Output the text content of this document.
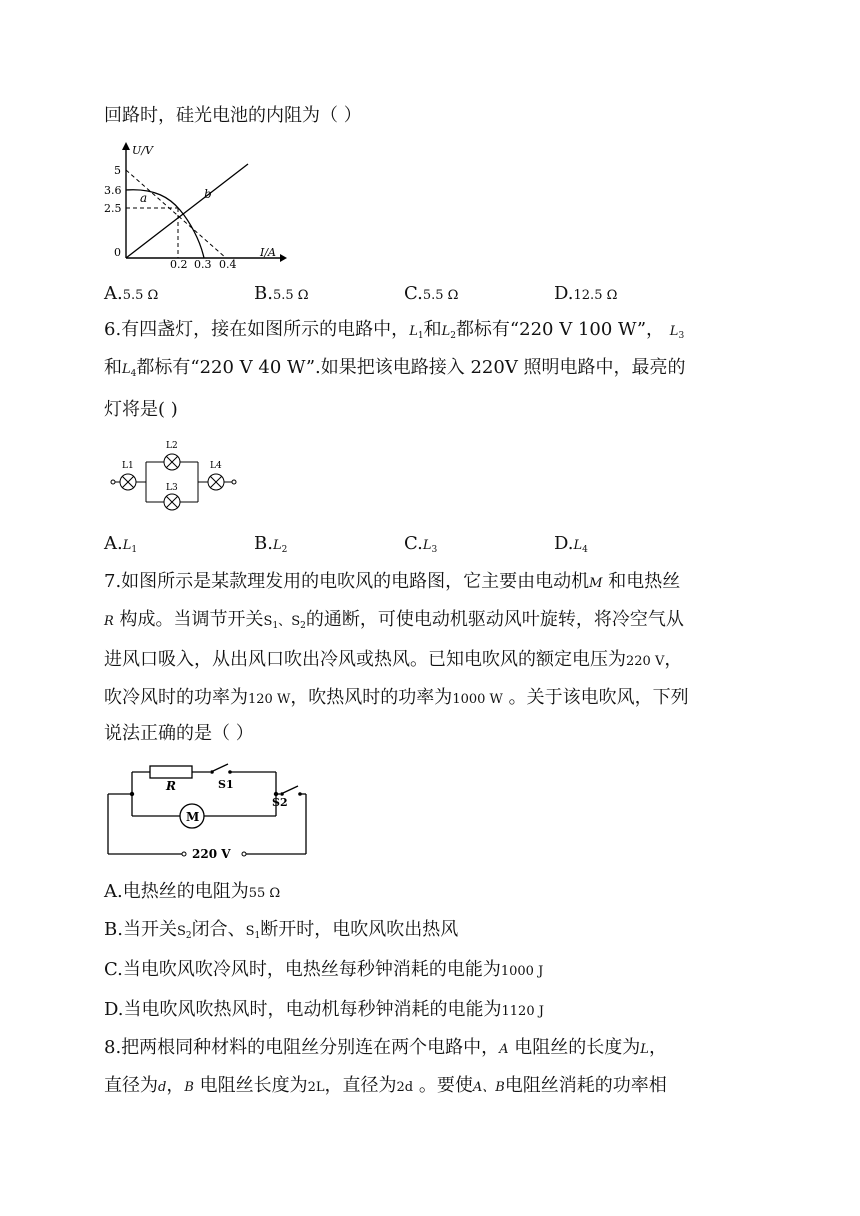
回路时，硅光电池的内阻为（ ）
U/V
I/A
5
3.6
2.5
0
0.2 0.3 0.4
a	b
A.5.5 Ω	B.5.5 Ω	C.5.5 Ω	D.12.5 Ω
6.有四盏灯，接在如图所示的电路中，$L_1$和$L_2$都标有“220 V 100 W”， $L_3$
和$L_4$都标有“220 V 40 W”.如果把该电路接入 220V 照明电路中，最亮的
灯将是( )
L1
L2
L3
L4
$A.L_1$	$B.L_2$	$C.L_3$	$D.L_4$
7.如图所示是某款理发用的电吹风的电路图，它主要由电动机M 和电热丝
R 构成。当调节开关$S_1$、$S_2$的通断，可使电动机驱动风叶旋转，将冷空气从
进风口吸入，从出风口吹出冷风或热风。已知电吹风的额定电压为220 V，
吹冷风时的功率为120 W，吹热风时的功率为1000 W 。关于该电吹风，下列
说法正确的是（ ）
R	S1
M
S2
220 V
A.电热丝的电阻为55 Ω
B.当开关$S_2$闭合、$S_1$断开时，电吹风吹出热风
C.当电吹风吹冷风时，电热丝每秒钟消耗的电能为1000 J
D.当电吹风吹热风时，电动机每秒钟消耗的电能为1120 J
8.把两根同种材料的电阻丝分别连在两个电路中，A 电阻丝的长度为L，
直径为d，B 电阻丝长度为2L，直径为2d 。要使A、B电阻丝消耗的功率相
